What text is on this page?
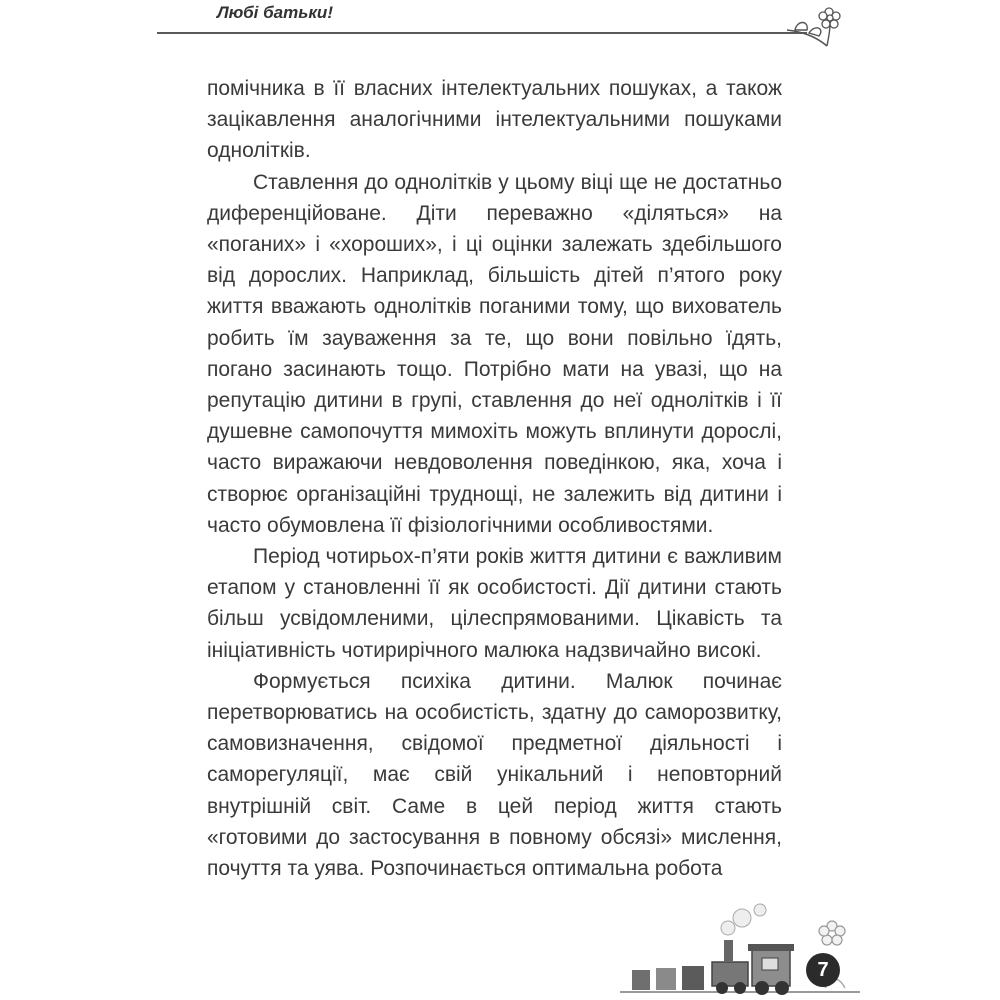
Любі батьки!

помічника в її власних інтелектуальних пошуках, а також зацікавлення аналогічними інтелектуальними пошуками однолітків.

Ставлення до однолітків у цьому віці ще не достатньо диференційоване. Діти переважно «діляться» на «поганих» і «хороших», і ці оцінки залежать здебільшого від дорослих. Наприклад, більшість дітей п’ятого року життя вважають однолітків поганими тому, що вихователь робить їм зауваження за те, що вони повільно їдять, погано засинають тощо. Потрібно мати на увазі, що на репутацію дитини в групі, ставлення до неї однолітків і її душевне самопочуття мимохіть можуть вплинути дорослі, часто виражаючи невдоволення поведінкою, яка, хоча і створює організаційні труднощі, не залежить від дитини і часто обумовлена її фізіологічними особливостями.

Період чотирьох-п’яти років життя дитини є важливим етапом у становленні її як особистості. Дії дитини стають більш усвідомленими, цілеспрямованими. Цікавість та ініціативність чотирирічного малюка надзвичайно високі.

Формується психіка дитини. Малюк починає перетворюватись на особистість, здатну до саморозвитку, самовизначення, свідомої предметної діяльності і саморегуляції, має свій унікальний і неповторний внутрішній світ. Саме в цей період життя стають «готовими до застосування в повному обсязі» мислення, почуття та уява. Розпочинається оптимальна робота

7
